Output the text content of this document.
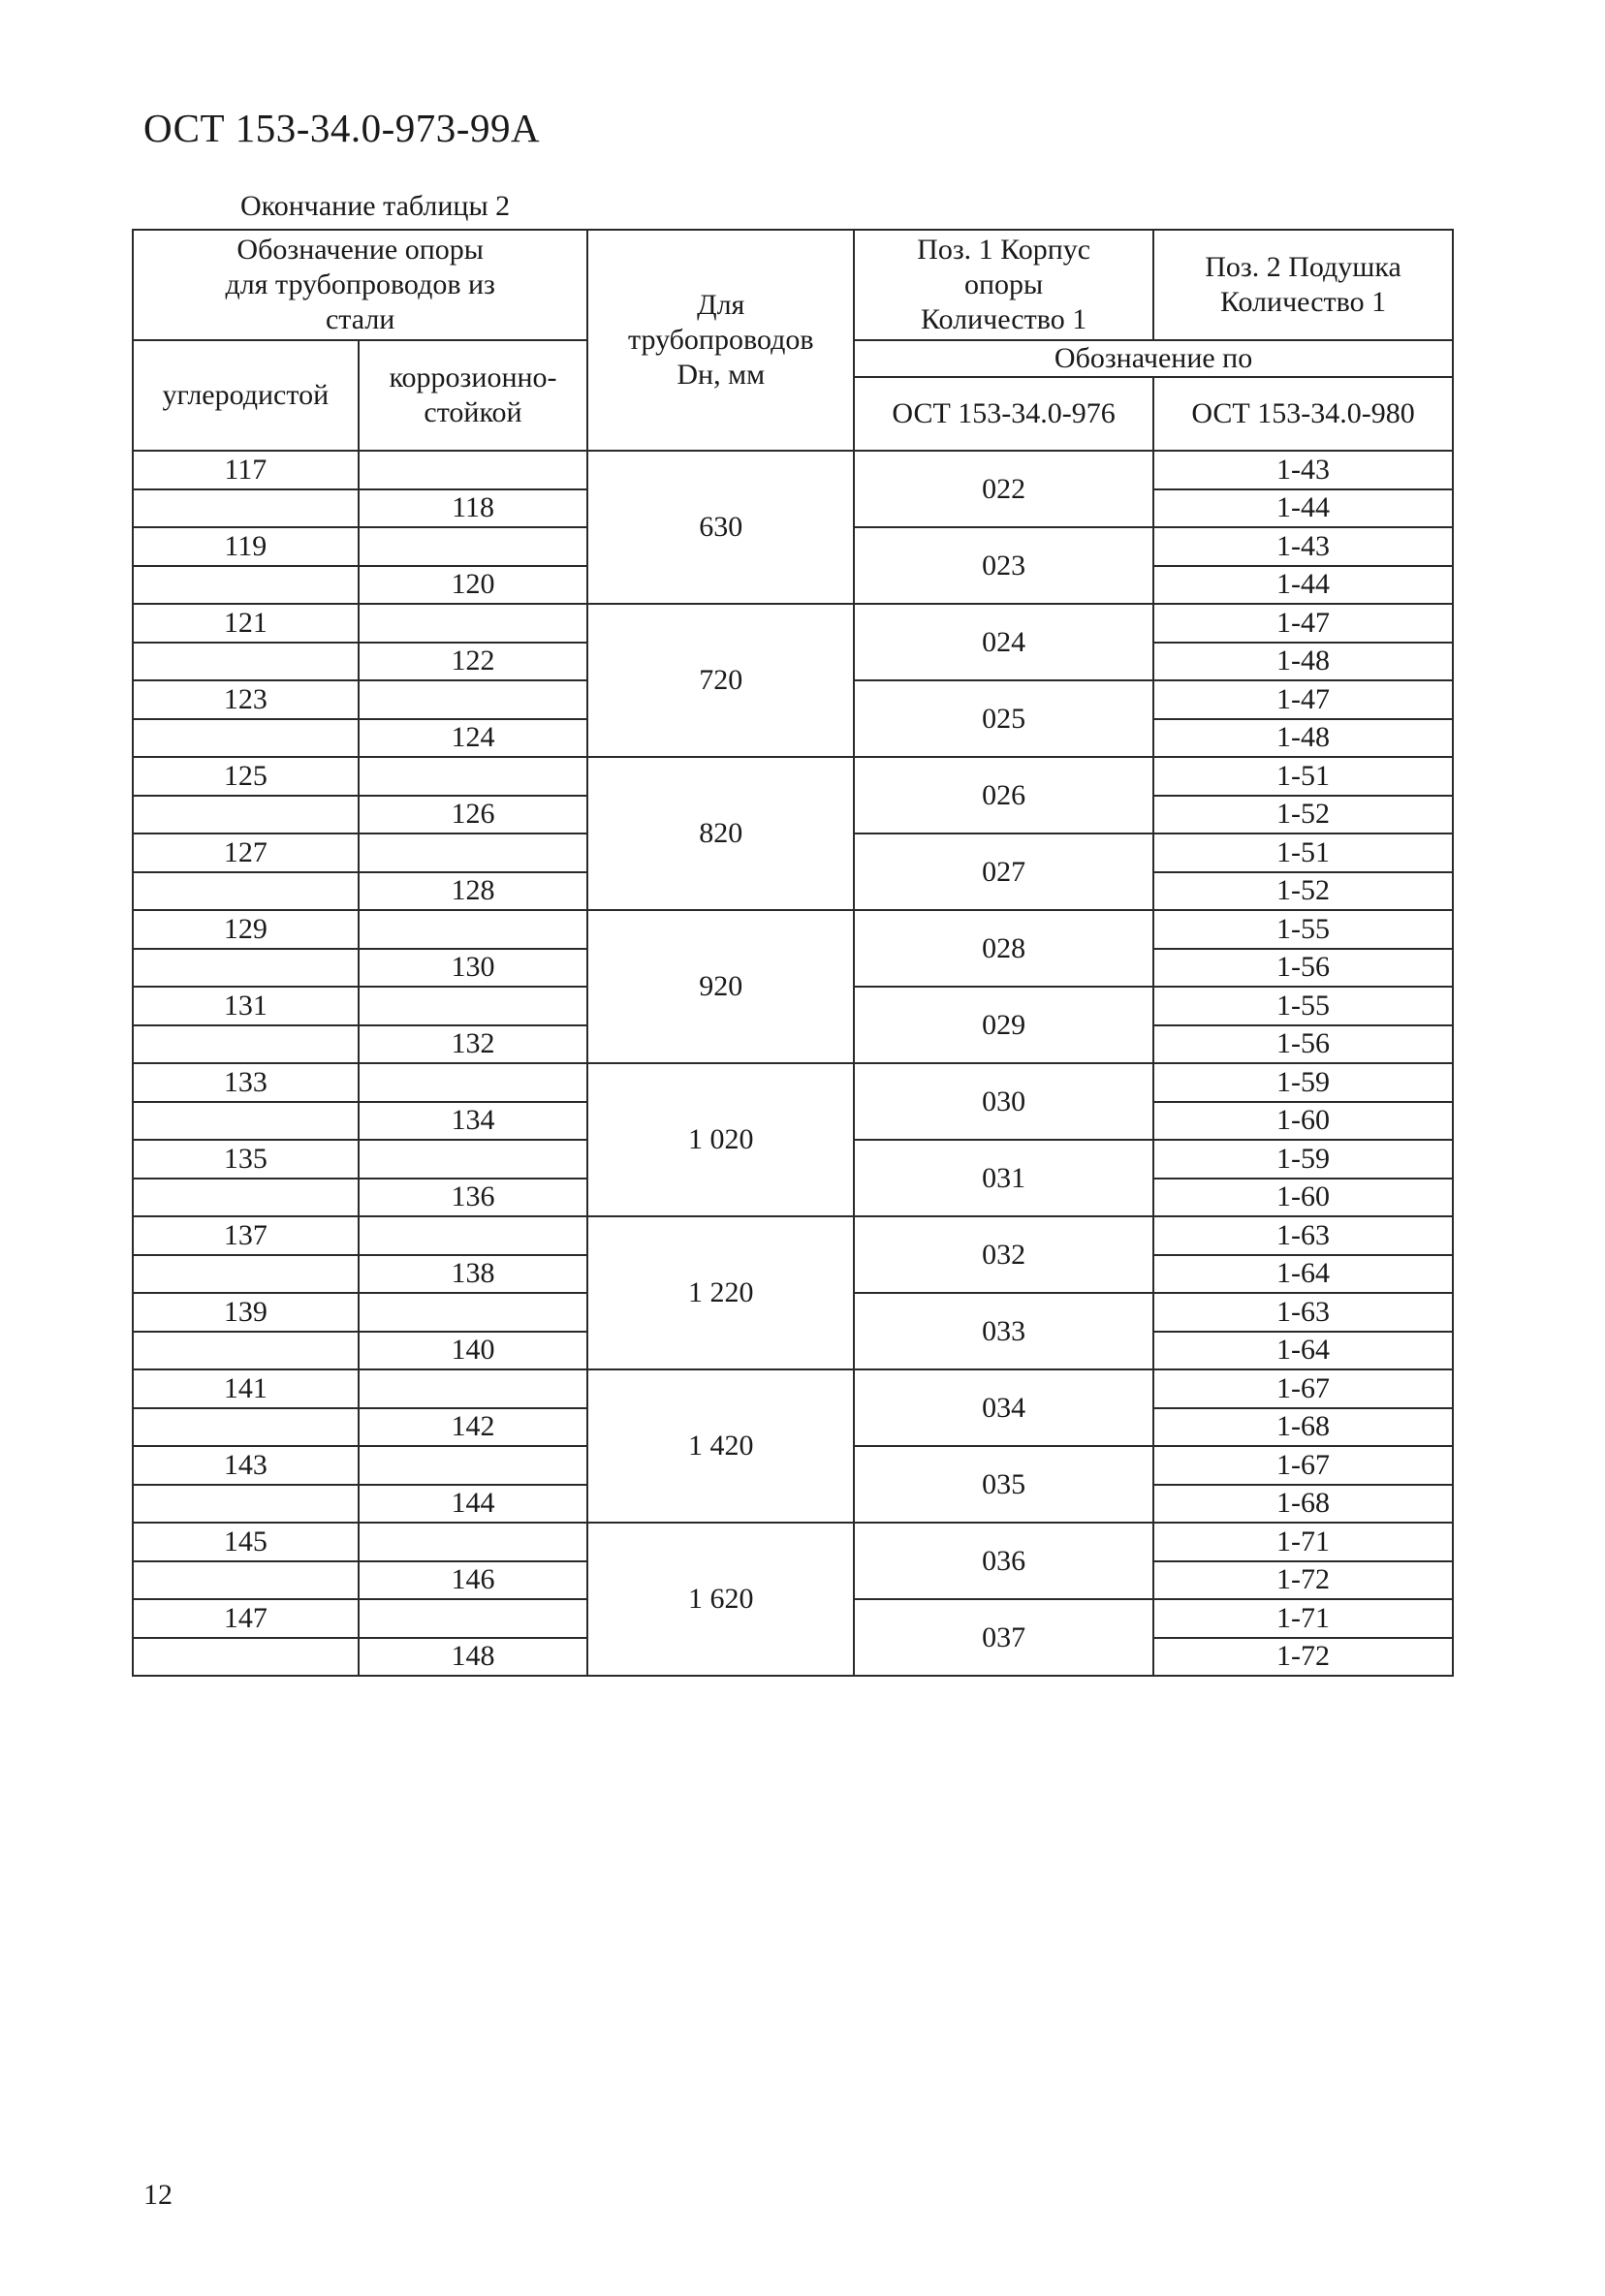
ОСТ 153-34.0-973-99А
Окончание таблицы 2
Обозначение опоры для трубопроводов из стали		Для трубопроводов Dн, мм	Поз. 1 Корпус опоры Количество 1	Поз. 2 Подушка Количество 1
углеродистой	коррозионно-стойкой		Обозначение по	
			ОСТ 153-34.0-976	ОСТ 153-34.0-980
117		630	022	1-43
	118			1-44
119			023	1-43
	120			1-44
121		720	024	1-47
	122			1-48
123			025	1-47
	124			1-48
125		820	026	1-51
	126			1-52
127			027	1-51
	128			1-52
129		920	028	1-55
	130			1-56
131			029	1-55
	132			1-56
133		1 020	030	1-59
	134			1-60
135			031	1-59
	136			1-60
137		1 220	032	1-63
	138			1-64
139			033	1-63
	140			1-64
141		1 420	034	1-67
	142			1-68
143			035	1-67
	144			1-68
145		1 620	036	1-71
	146			1-72
147			037	1-71
	148			1-72
12
